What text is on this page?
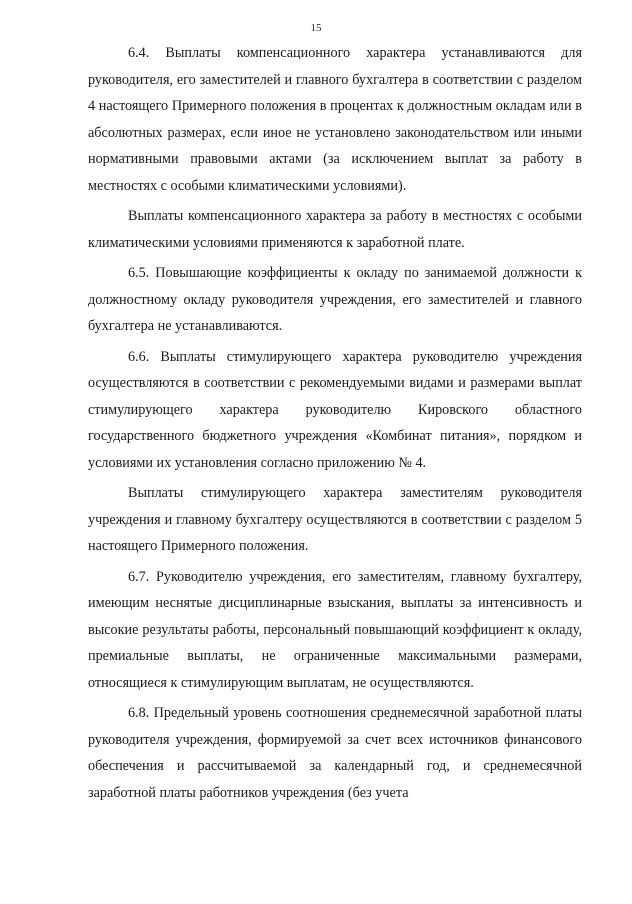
15

6.4. Выплаты компенсационного характера устанавливаются для руководителя, его заместителей и главного бухгалтера в соответствии с разделом 4 настоящего Примерного положения в процентах к должностным окладам или в абсолютных размерах, если иное не установлено законодательством или иными нормативными правовыми актами (за исключением выплат за работу в местностях с особыми климатическими условиями).

Выплаты компенсационного характера за работу в местностях с особыми климатическими условиями применяются к заработной плате.

6.5. Повышающие коэффициенты к окладу по занимаемой должности к должностному окладу руководителя учреждения, его заместителей и главного бухгалтера не устанавливаются.

6.6. Выплаты стимулирующего характера руководителю учреждения осуществляются в соответствии с рекомендуемыми видами и размерами выплат стимулирующего характера руководителю Кировского областного государственного бюджетного учреждения «Комбинат питания», порядком и условиями их установления согласно приложению № 4.

Выплаты стимулирующего характера заместителям руководителя учреждения и главному бухгалтеру осуществляются в соответствии с разделом 5 настоящего Примерного положения.

6.7. Руководителю учреждения, его заместителям, главному бухгалтеру, имеющим неснятые дисциплинарные взыскания, выплаты за интенсивность и высокие результаты работы, персональный повышающий коэффициент к окладу, премиальные выплаты, не ограниченные максимальными размерами, относящиеся к стимулирующим выплатам, не осуществляются.

6.8. Предельный уровень соотношения среднемесячной заработной платы руководителя учреждения, формируемой за счет всех источников финансового обеспечения и рассчитываемой за календарный год, и среднемесячной заработной платы работников учреждения (без учета
